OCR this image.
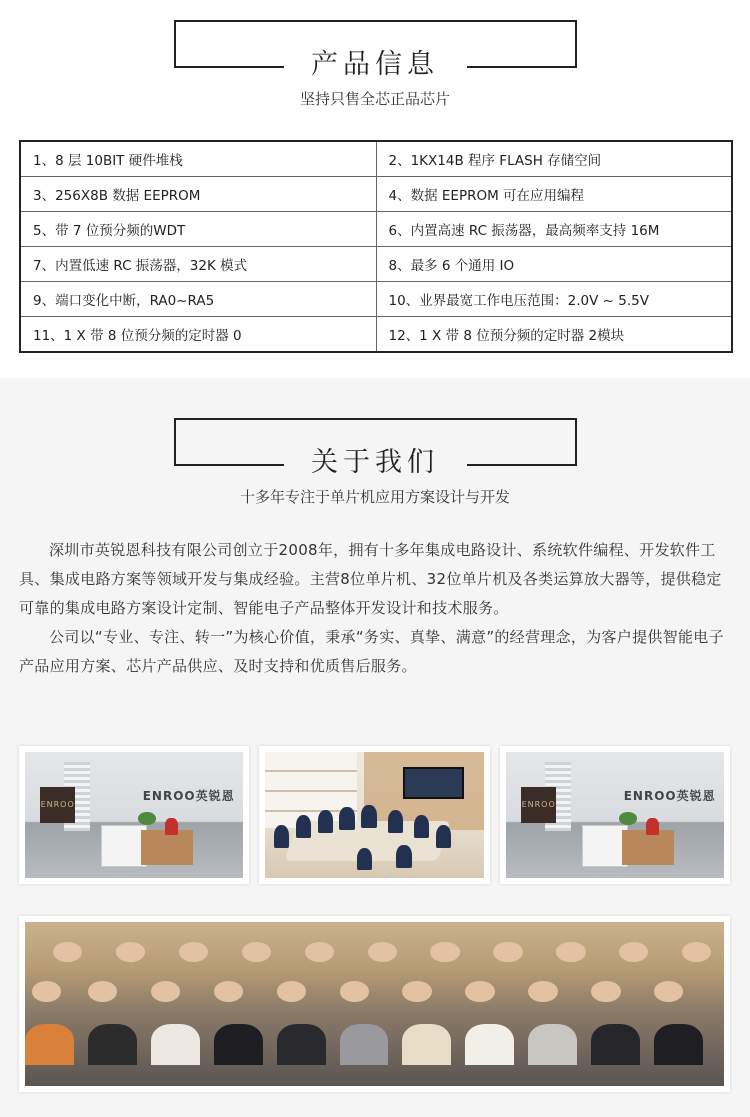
产品信息
坚持只售全芯正品芯片
1、8 层 10BIT 硬件堆栈	2、1KX14B 程序 FLASH 存储空间
3、256X8B 数据 EEPROM	4、数据 EEPROM 可在应用编程
5、带 7 位预分频的WDT	6、内置高速 RC 振荡器，最高频率支持 16M
7、内置低速 RC 振荡器，32K 模式	8、最多 6 个通用 IO
9、端口变化中断，RA0~RA5	10、业界最宽工作电压范围：2.0V ~ 5.5V
11、1 X 带 8 位预分频的定时器 0	12、1 X 带 8 位预分频的定时器 2模块
关于我们
十多年专注于单片机应用方案设计与开发

深圳市英锐恩科技有限公司创立于2008年，拥有十多年集成电路设计、系统软件编程、开发软件工具、集成电路方案等领域开发与集成经验。主营8位单片机、32位单片机及各类运算放大器等，提供稳定可靠的集成电路方案设计定制、智能电子产品整体开发设计和技术服务。

公司以“专业、专注、转一”为核心价值，秉承“务实、真挚、满意”的经营理念，为客户提供智能电子产品应用方案、芯片产品供应、及时支持和优质售后服务。

ENROO
ENROO英锐恩
ENROO
ENROO英锐恩
